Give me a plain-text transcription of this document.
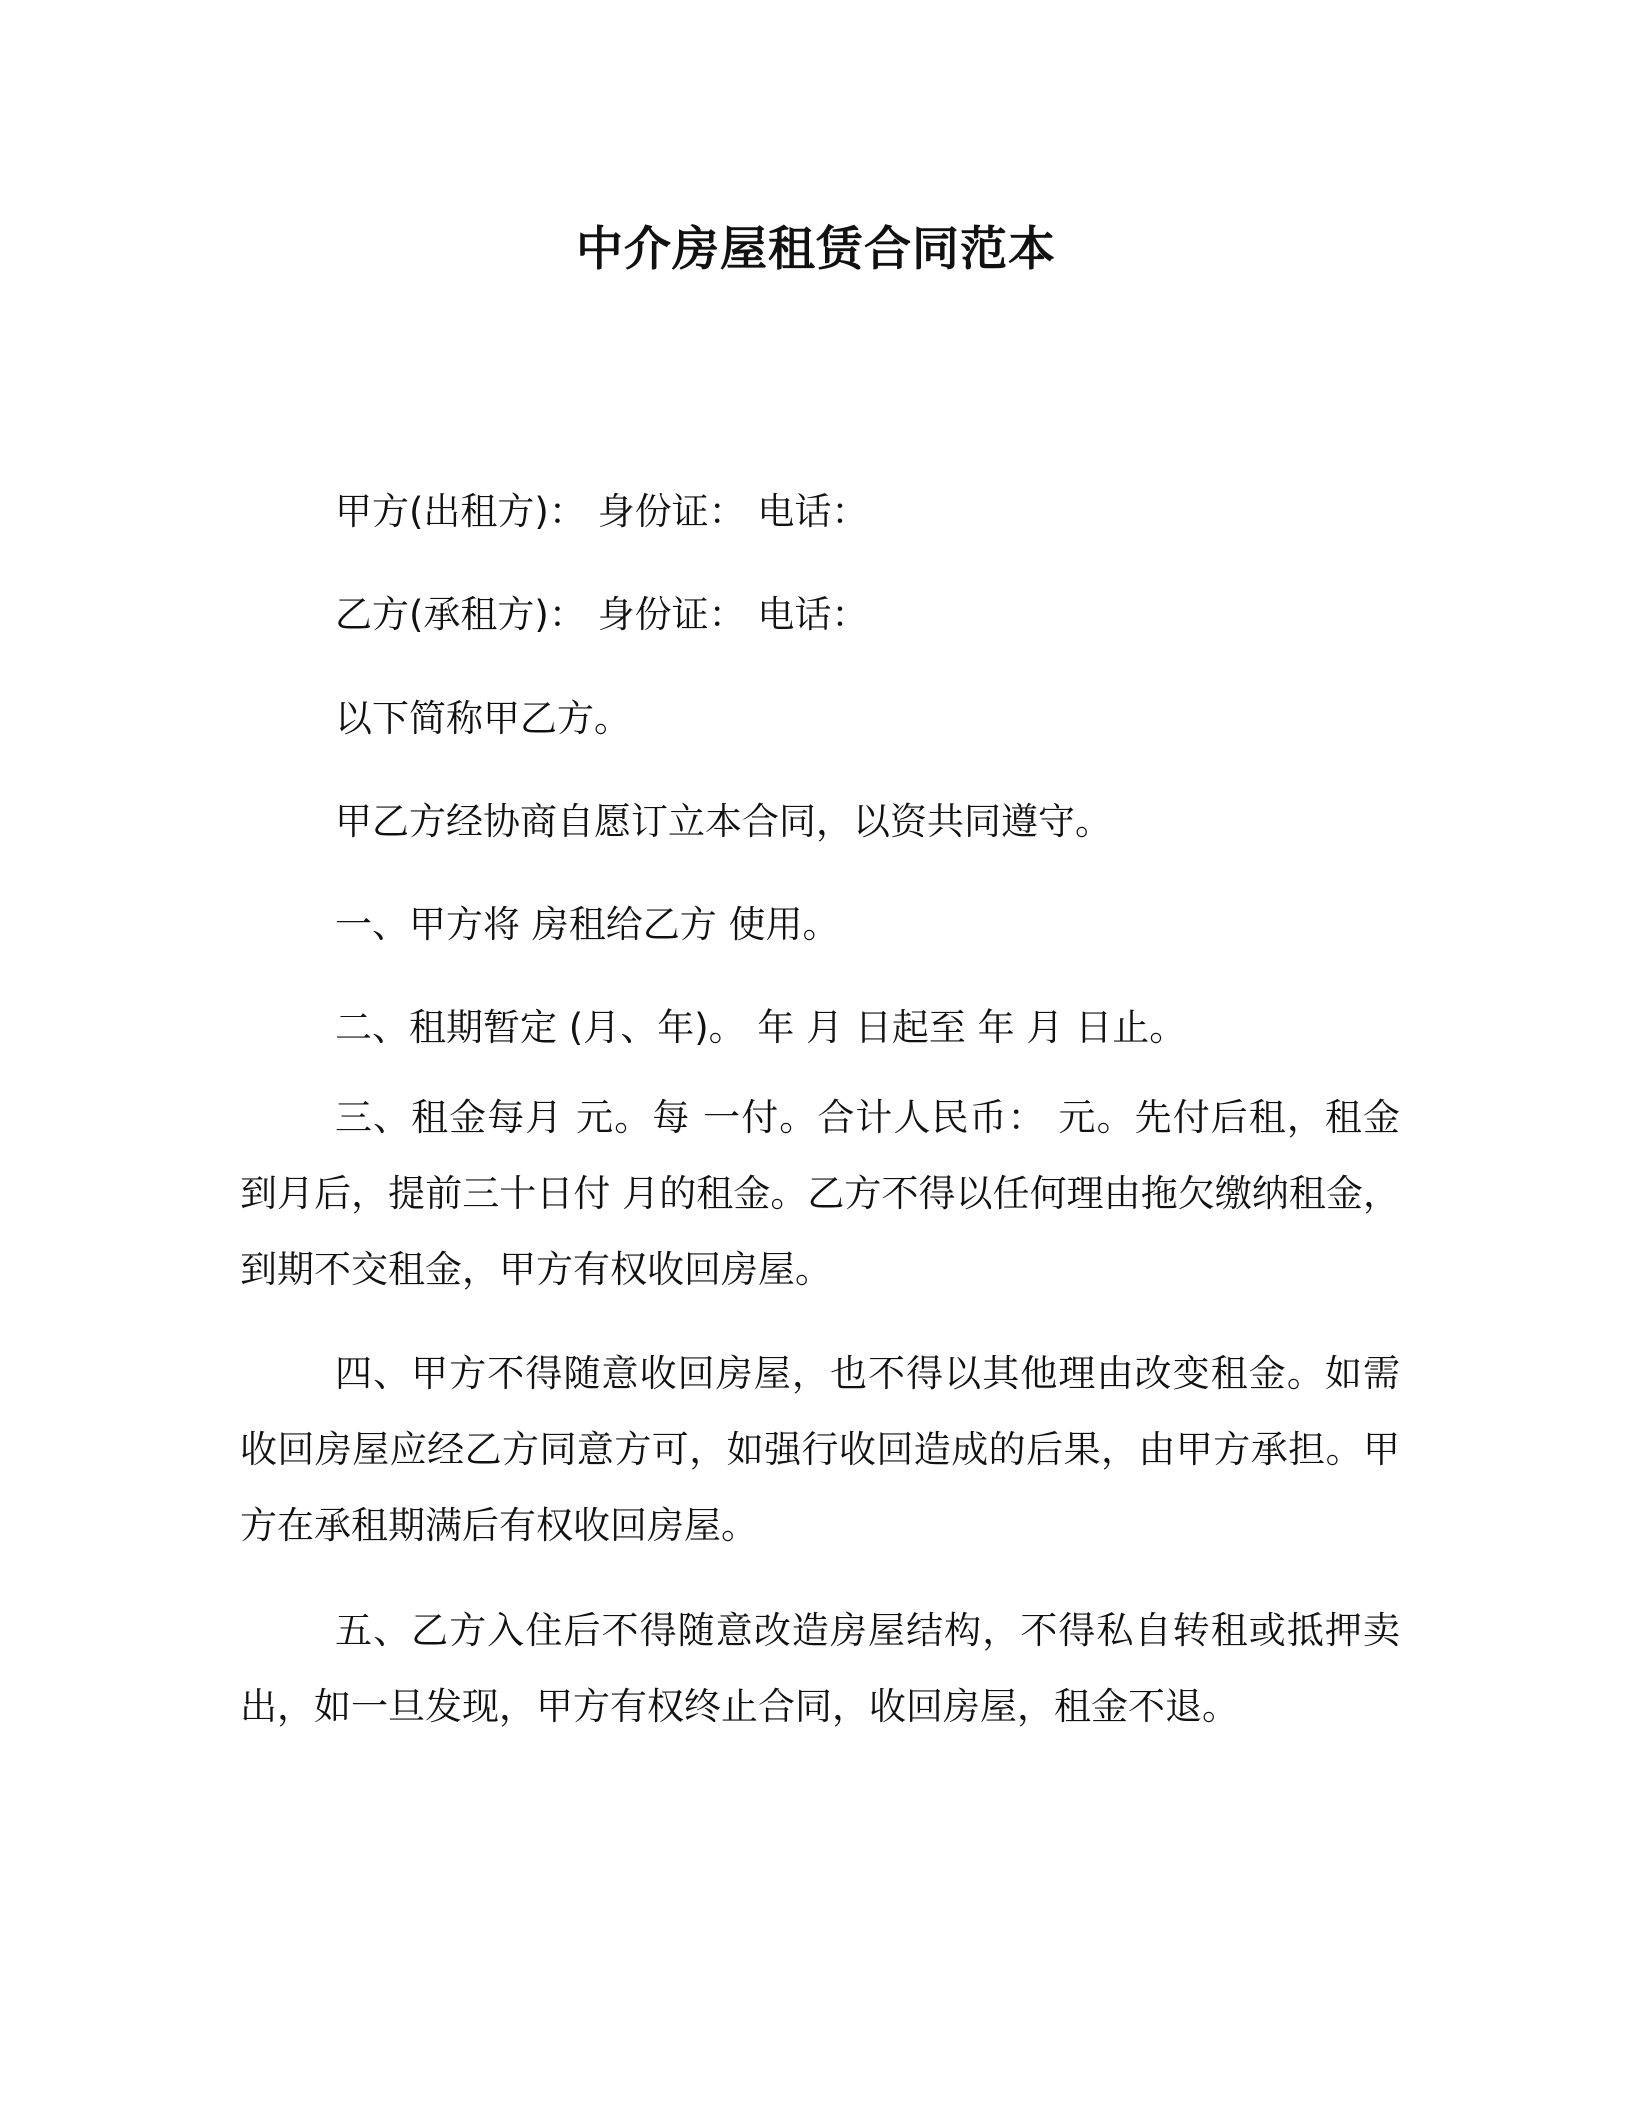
中介房屋租赁合同范本
甲方(出租方)： 身份证： 电话：
乙方(承租方)： 身份证： 电话：
以下简称甲乙方。
甲乙方经协商自愿订立本合同，以资共同遵守。
一、甲方将 房租给乙方 使用。
二、租期暂定 (月、年)。 年 月 日起至 年 月 日止。
三、租金每月 元。每 一付。合计人民币： 元。先付后租，租金到月后，提前三十日付 月的租金。乙方不得以任何理由拖欠缴纳租金，到期不交租金，甲方有权收回房屋。
四、甲方不得随意收回房屋，也不得以其他理由改变租金。如需收回房屋应经乙方同意方可，如强行收回造成的后果，由甲方承担。甲方在承租期满后有权收回房屋。
五、乙方入住后不得随意改造房屋结构，不得私自转租或抵押卖出，如一旦发现，甲方有权终止合同，收回房屋，租金不退。
